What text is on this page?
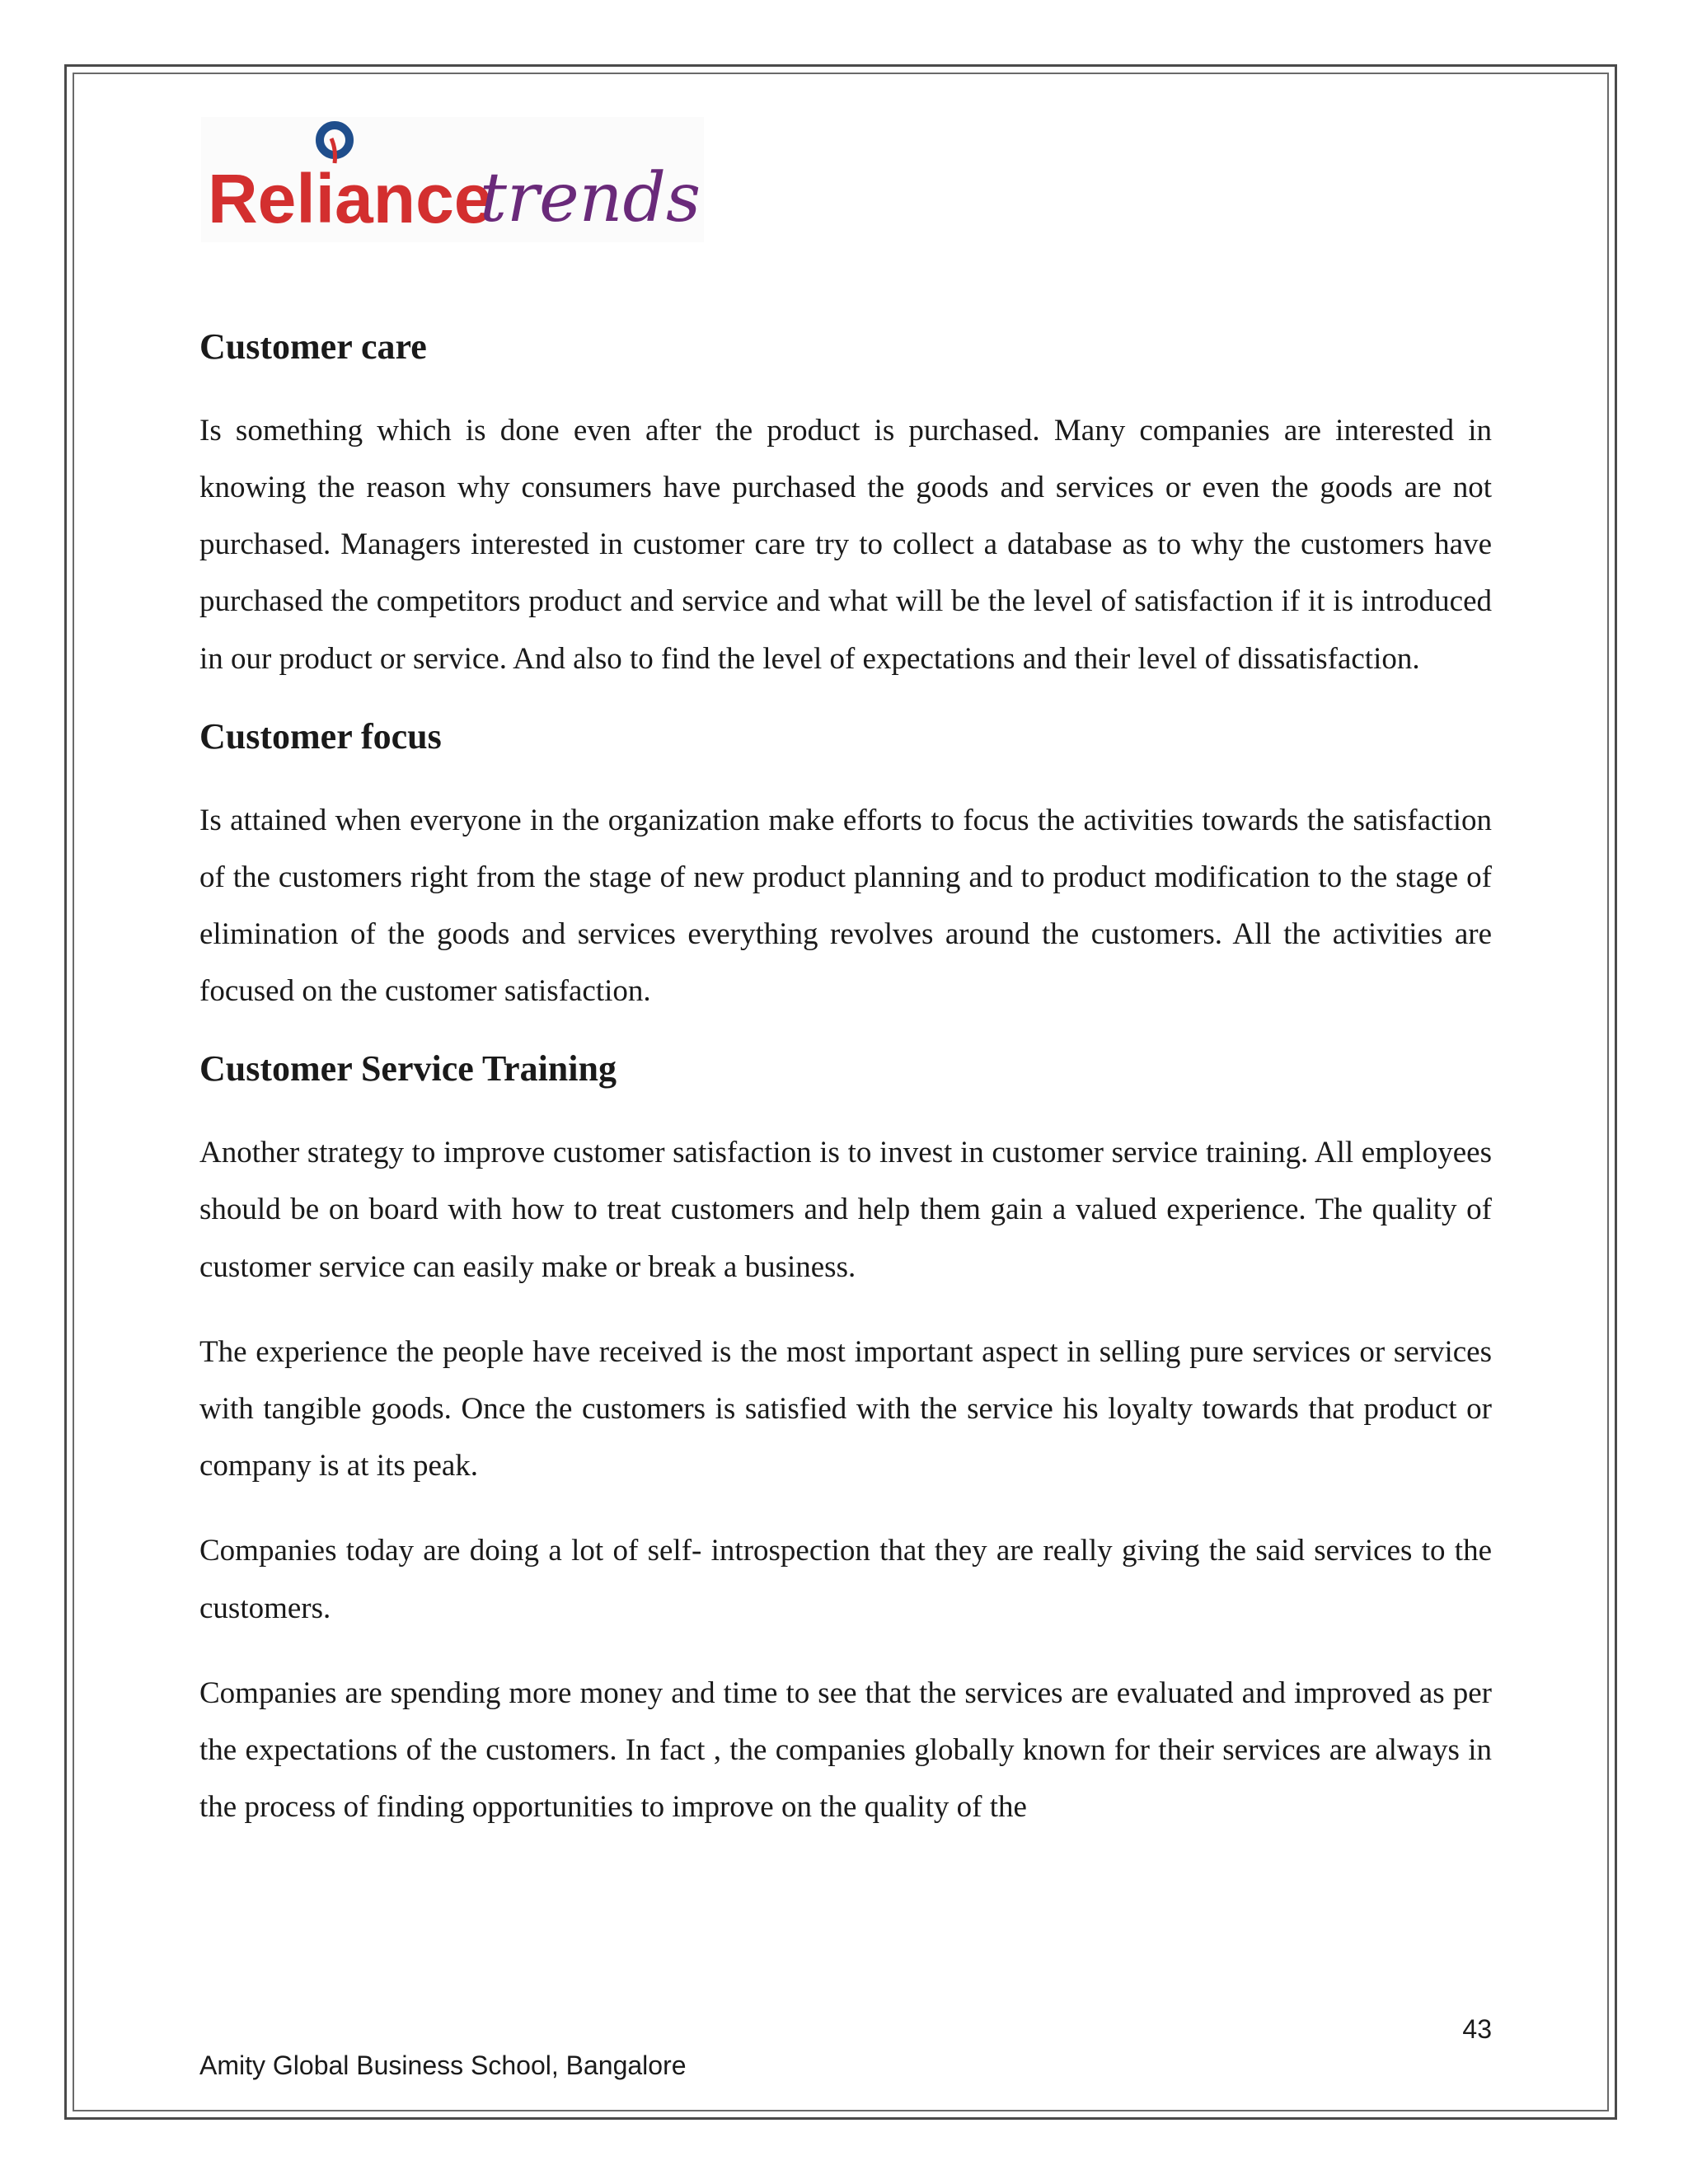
Reliance
trends
Customer care

Is something which is done even after the product is purchased. Many companies are interested in knowing the reason why consumers have purchased the goods and services or even the goods are not purchased. Managers interested in customer care try to collect a database as to why the customers have purchased the competitors product and service and what will be the level of satisfaction if it is introduced in our product or service. And also to find the level of expectations and their level of dissatisfaction.

Customer focus

Is attained when everyone in the organization make efforts to focus the activities towards the satisfaction of the customers right from the stage of new product planning and to product modification to the stage of elimination of the goods and services everything revolves around the customers. All the activities are focused on the customer satisfaction.

Customer Service Training

Another strategy to improve customer satisfaction is to invest in customer service training. All employees should be on board with how to treat customers and help them gain a valued experience. The quality of customer service can easily make or break a business.

The experience the people have received is the most important aspect in selling pure services or services with tangible goods. Once the customers is satisfied with the service his loyalty towards that product or company is at its peak.

Companies today are doing a lot of self- introspection that they are really giving the said services to the customers.

Companies are spending more money and time to see that the services are evaluated and improved as per the expectations of the customers. In fact , the companies globally known for their services are always in the process of finding opportunities to improve on the quality of the

43
Amity Global Business School, Bangalore
